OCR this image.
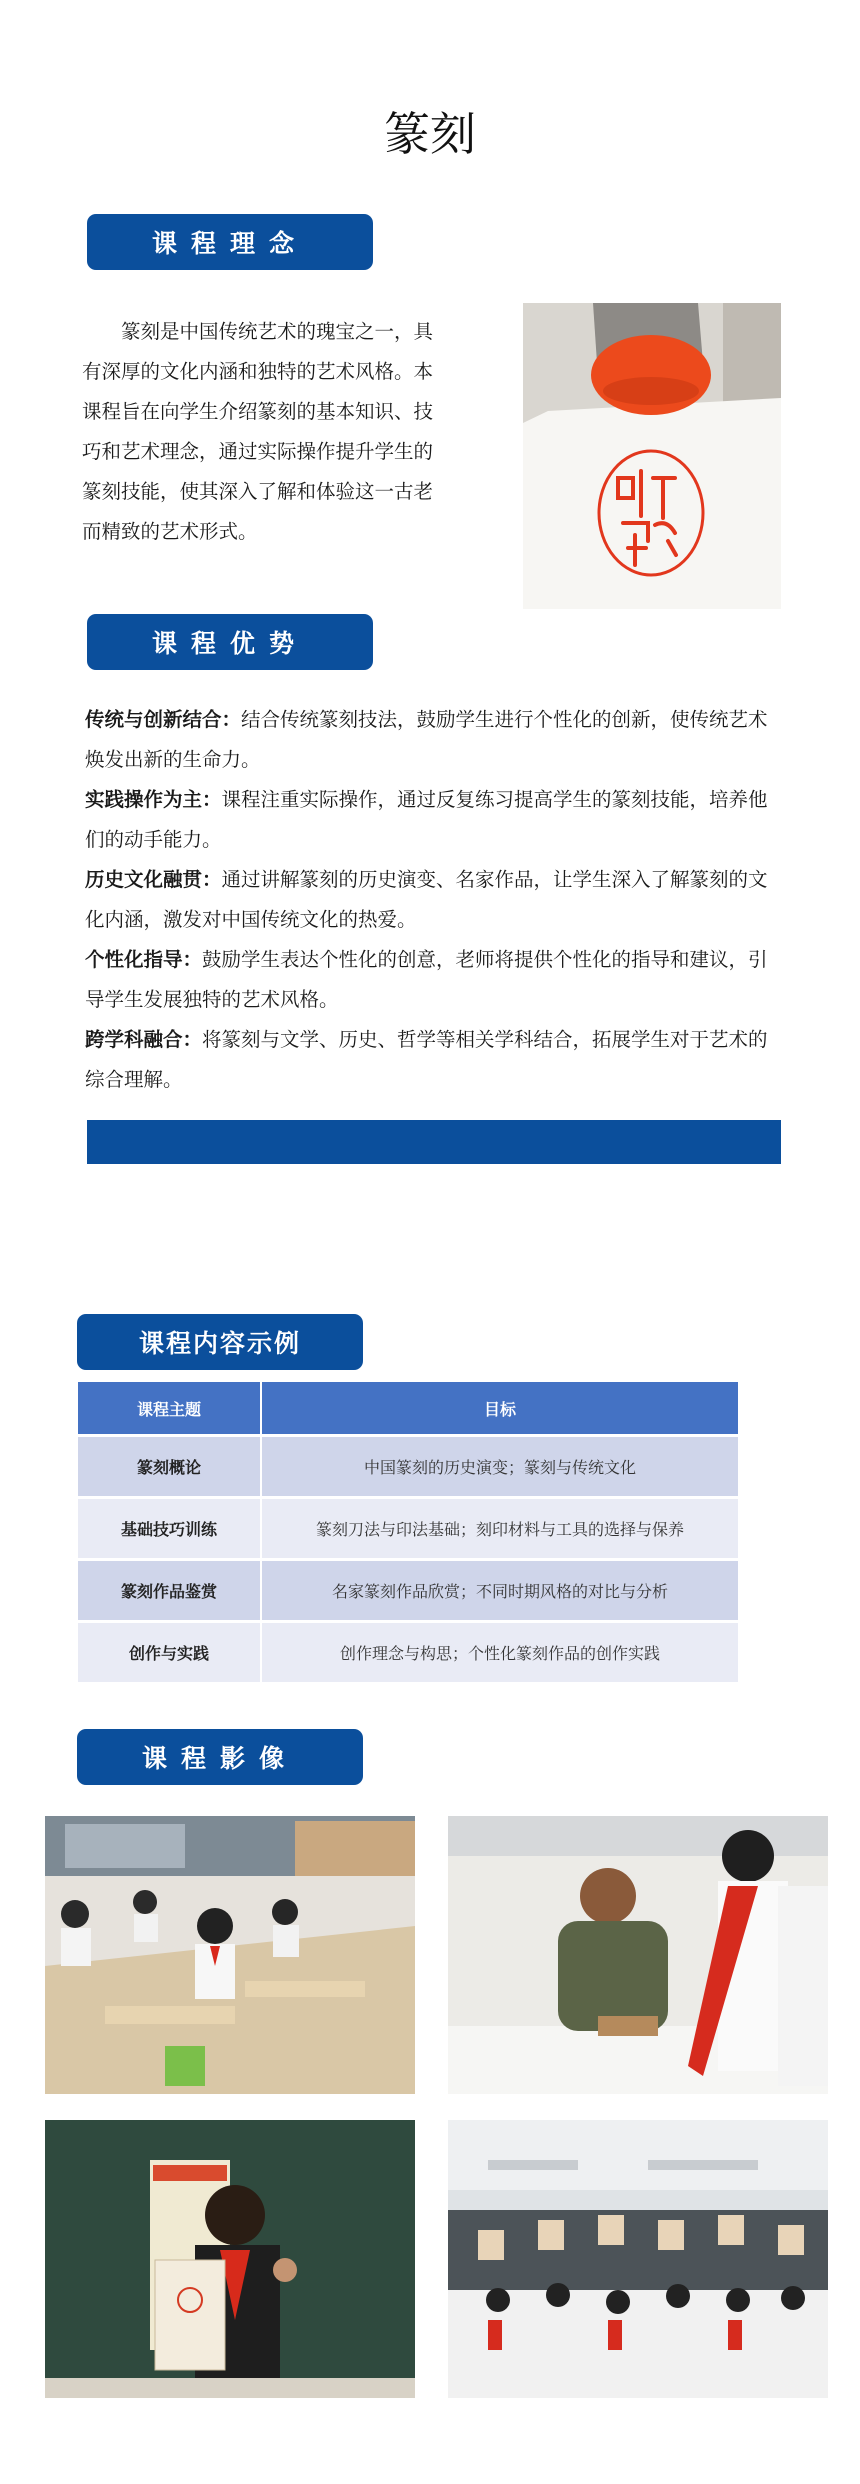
篆刻
课程理念

篆刻是中国传统艺术的瑰宝之一，具有深厚的文化内涵和独特的艺术风格。本课程旨在向学生介绍篆刻的基本知识、技巧和艺术理念，通过实际操作提升学生的篆刻技能，使其深入了解和体验这一古老而精致的艺术形式。

课程优势

传统与创新结合：结合传统篆刻技法，鼓励学生进行个性化的创新，使传统艺术焕发出新的生命力。

实践操作为主：课程注重实际操作，通过反复练习提高学生的篆刻技能，培养他们的动手能力。

历史文化融贯：通过讲解篆刻的历史演变、名家作品，让学生深入了解篆刻的文化内涵，激发对中国传统文化的热爱。

个性化指导：鼓励学生表达个性化的创意，老师将提供个性化的指导和建议，引导学生发展独特的艺术风格。

跨学科融合：将篆刻与文学、历史、哲学等相关学科结合，拓展学生对于艺术的综合理解。

课程内容示例
课程主题	目标
篆刻概论	中国篆刻的历史演变；篆刻与传统文化
基础技巧训练	篆刻刀法与印法基础；刻印材料与工具的选择与保养
篆刻作品鉴赏	名家篆刻作品欣赏；不同时期风格的对比与分析
创作与实践	创作理念与构思；个性化篆刻作品的创作实践
课程影像
